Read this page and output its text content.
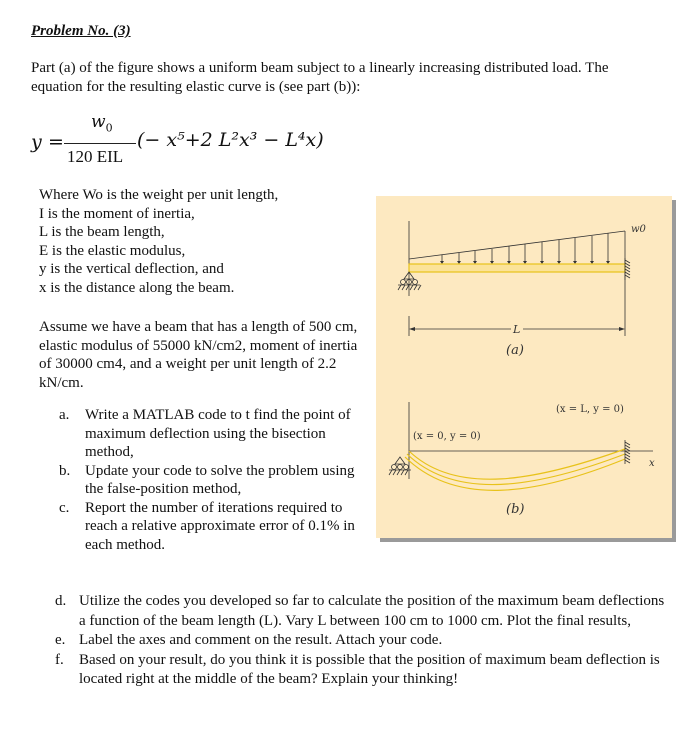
Problem No. (3)
Part (a) of the figure shows a uniform beam subject to a linearly increasing distributed load. The equation for the resulting elastic curve is (see part (b)):
y =
$w_0$
120 EIL
(− x⁵+2 L²x³ − L⁴x)
Where Wo is the weight per unit length,
I is the moment of inertia,
L is the beam length,
E is the elastic modulus,
y is the vertical deflection, and
x is the distance along the beam.
Assume we have a beam that has a length of 500 cm, elastic modulus of 55000 kN/cm2, moment of inertia of 30000 cm4, and a weight per unit length of 2.2 kN/cm.
a.	Write a MATLAB code to t find the point of maximum deflection using the bisection method,
b. Update your code to solve the problem using the false-position method,
c.	Report the number of iterations required to reach a relative approximate error of 0.1% in each method.
w0
L
(a)
(x = 0, y = 0)
(x = L, y = 0)
x
(b)
d. Utilize the codes you developed so far to calculate the position of the maximum beam deflections a function of the beam length (L). Vary L between 100 cm to 1000 cm. Plot the final results,
e. Label the axes and comment on the result. Attach your code.
f.	Based on your result, do you think it is possible that the position of maximum beam deflection is located right at the middle of the beam? Explain your thinking!
